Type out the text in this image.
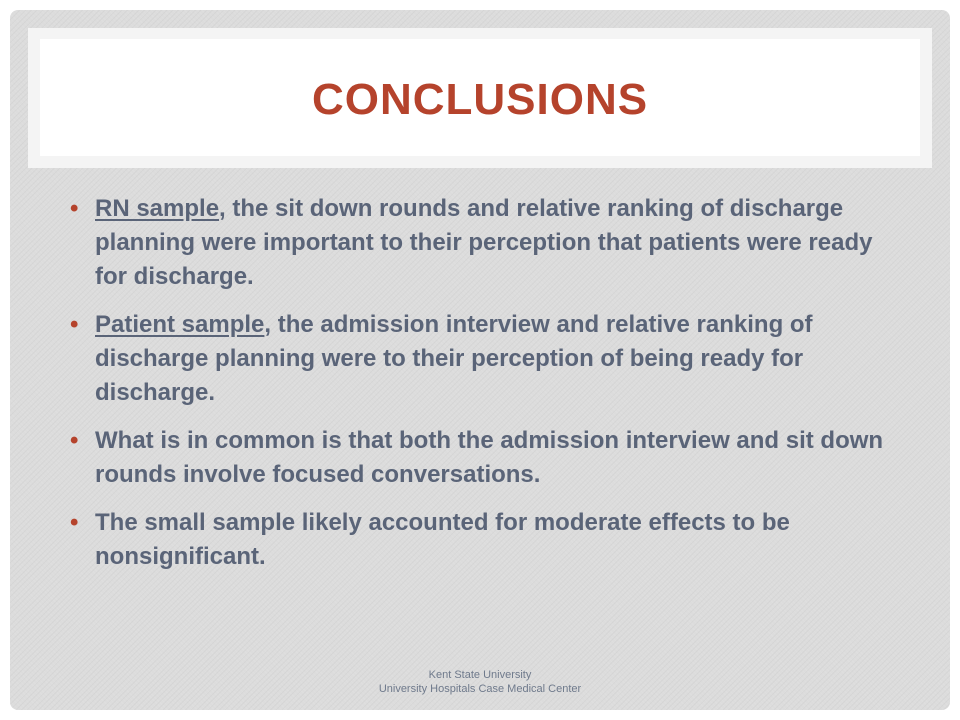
CONCLUSIONS
• RN sample, the sit down rounds and relative ranking of discharge planning were important to their perception that patients were ready for discharge.
• Patient sample, the admission interview and relative ranking of discharge planning were to their perception of being ready for discharge.
• What is in common is that both the admission interview and sit down rounds involve focused conversations.
• The small sample likely accounted for moderate effects to be nonsignificant.
Kent State University
University Hospitals Case Medical Center
